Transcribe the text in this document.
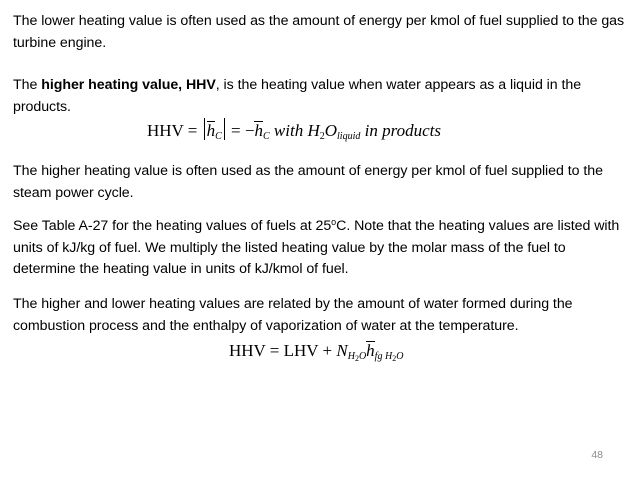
The lower heating value is often used as the amount of energy per kmol of fuel supplied to the gas turbine engine.

The higher heating value, HHV, is the heating value when water appears as a liquid in the products.

HHV = $h_C = -h_C$ with $H_2O_{liquid}$ in products

The higher heating value is often used as the amount of energy per kmol of fuel supplied to the steam power cycle.

See Table A-27 for the heating values of fuels at 25$^o$C. Note that the heating values are listed with units of kJ/kg of fuel. We multiply the listed heating value by the molar mass of the fuel to determine the heating value in units of kJ/kmol of fuel.

The higher and lower heating values are related by the amount of water formed during the combustion process and the enthalpy of vaporization of water at the temperature.

HHV = LHV + $N_{H_2O}h_{fg H_2O}$
48
